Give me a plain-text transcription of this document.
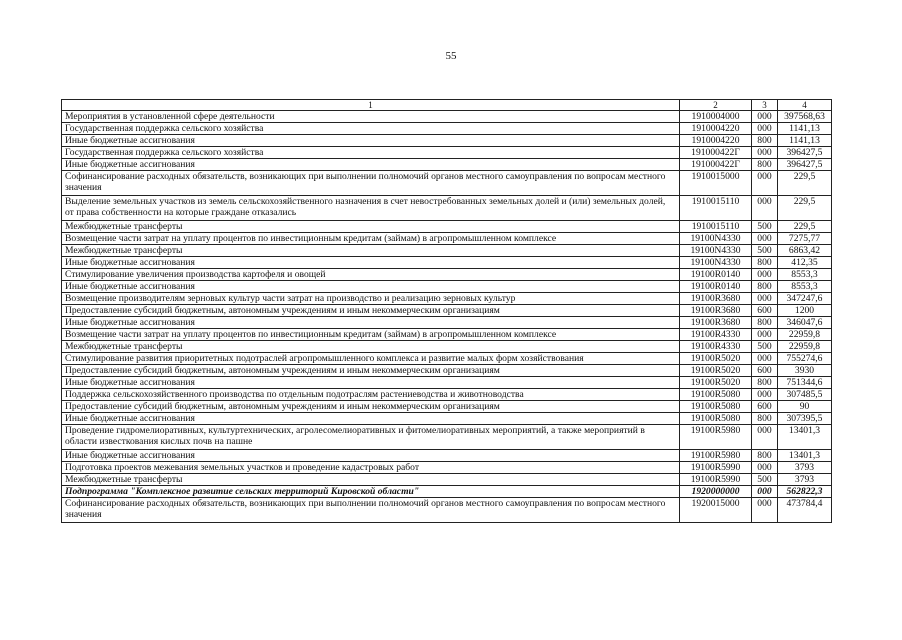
55
1	2	3	4
Мероприятия в установленной сфере деятельности	1910004000	000	397568,63
Государственная поддержка сельского хозяйства	1910004220	000	1141,13
Иные бюджетные ассигнования	1910004220	800	1141,13
Государственная поддержка сельского хозяйства	191000422Г	000	396427,5
Иные бюджетные ассигнования	191000422Г	800	396427,5
Софинансирование расходных обязательств, возникающих при выполнении полномочий органов местного самоуправления по вопросам местного значения	1910015000	000	229,5
Выделение земельных участков из земель сельскохозяйственного назначения в счет невостребованных земельных долей и (или) земельных долей, от права собственности на которые граждане отказались	1910015110	000	229,5
Межбюджетные трансферты	1910015110	500	229,5
Возмещение части затрат на уплату процентов по инвестиционным кредитам (займам) в агропромышленном комплексе	19100N4330	000	7275,77
Межбюджетные трансферты	19100N4330	500	6863,42
Иные бюджетные ассигнования	19100N4330	800	412,35
Стимулирование увеличения производства картофеля и овощей	19100R0140	000	8553,3
Иные бюджетные ассигнования	19100R0140	800	8553,3
Возмещение производителям зерновых культур части затрат на производство и реализацию зерновых культур	19100R3680	000	347247,6
Предоставление субсидий бюджетным, автономным учреждениям и иным некоммерческим организациям	19100R3680	600	1200
Иные бюджетные ассигнования	19100R3680	800	346047,6
Возмещение части затрат на уплату процентов по инвестиционным кредитам (займам) в агропромышленном комплексе	19100R4330	000	22959,8
Межбюджетные трансферты	19100R4330	500	22959,8
Стимулирование развития приоритетных подотраслей агропромышленного комплекса и развитие малых форм хозяйствования	19100R5020	000	755274,6
Предоставление субсидий бюджетным, автономным учреждениям и иным некоммерческим организациям	19100R5020	600	3930
Иные бюджетные ассигнования	19100R5020	800	751344,6
Поддержка сельскохозяйственного производства по отдельным подотраслям растениеводства и животноводства	19100R5080	000	307485,5
Предоставление субсидий бюджетным, автономным учреждениям и иным некоммерческим организациям	19100R5080	600	90
Иные бюджетные ассигнования	19100R5080	800	307395,5
Проведение гидромелиоративных, культуртехнических, агролесомелиоративных и фитомелиоративных мероприятий, а также мероприятий в области известкования кислых почв на пашне	19100R5980	000	13401,3
Иные бюджетные ассигнования	19100R5980	800	13401,3
Подготовка проектов межевания земельных участков и проведение кадастровых работ	19100R5990	000	3793
Межбюджетные трансферты	19100R5990	500	3793
Подпрограмма "Комплексное развитие сельских территорий Кировской области"	1920000000	000	562822,3
Софинансирование расходных обязательств, возникающих при выполнении полномочий органов местного самоуправления по вопросам местного значения	1920015000	000	473784,4
